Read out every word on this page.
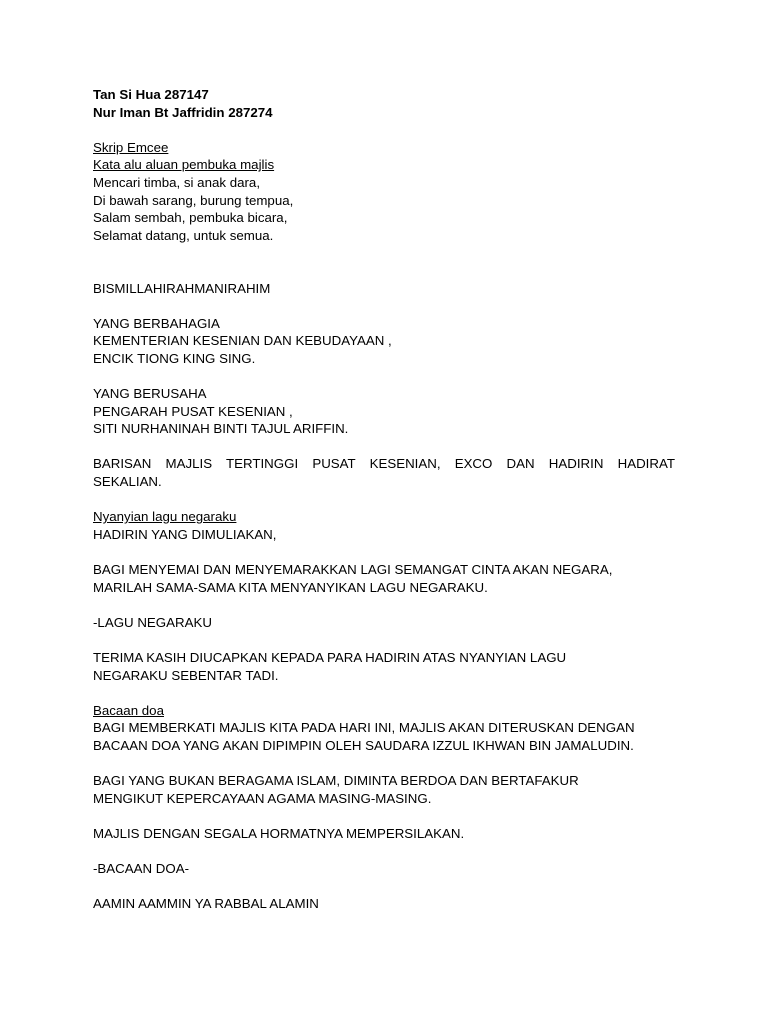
Tan Si Hua 287147
Nur Iman Bt Jaffridin 287274
Skrip Emcee
Kata alu aluan pembuka majlis
Mencari timba, si anak dara,
Di bawah sarang, burung tempua,
Salam sembah, pembuka bicara,
Selamat datang, untuk semua.
BISMILLAHIRAHMANIRAHIM
YANG BERBAHAGIA
KEMENTERIAN KESENIAN DAN KEBUDAYAAN ,
ENCIK TIONG KING SING.
YANG BERUSAHA
PENGARAH PUSAT KESENIAN ,
SITI NURHANINAH BINTI TAJUL ARIFFIN.
BARISAN MAJLIS TERTINGGI PUSAT KESENIAN, EXCO DAN HADIRIN HADIRAT
SEKALIAN.
Nyanyian lagu negaraku
HADIRIN YANG DIMULIAKAN,
BAGI MENYEMAI DAN MENYEMARAKKAN LAGI SEMANGAT CINTA AKAN NEGARA,
MARILAH SAMA-SAMA KITA MENYANYIKAN LAGU NEGARAKU.
-LAGU NEGARAKU
TERIMA KASIH DIUCAPKAN KEPADA PARA HADIRIN ATAS NYANYIAN LAGU
NEGARAKU SEBENTAR TADI.
Bacaan doa
BAGI MEMBERKATI MAJLIS KITA PADA HARI INI, MAJLIS AKAN DITERUSKAN DENGAN
BACAAN DOA YANG AKAN DIPIMPIN OLEH SAUDARA IZZUL IKHWAN BIN JAMALUDIN.
BAGI YANG BUKAN BERAGAMA ISLAM, DIMINTA BERDOA DAN BERTAFAKUR
MENGIKUT KEPERCAYAAN AGAMA MASING-MASING.
MAJLIS DENGAN SEGALA HORMATNYA MEMPERSILAKAN.
-BACAAN DOA-
AAMIN AAMMIN YA RABBAL ALAMIN
